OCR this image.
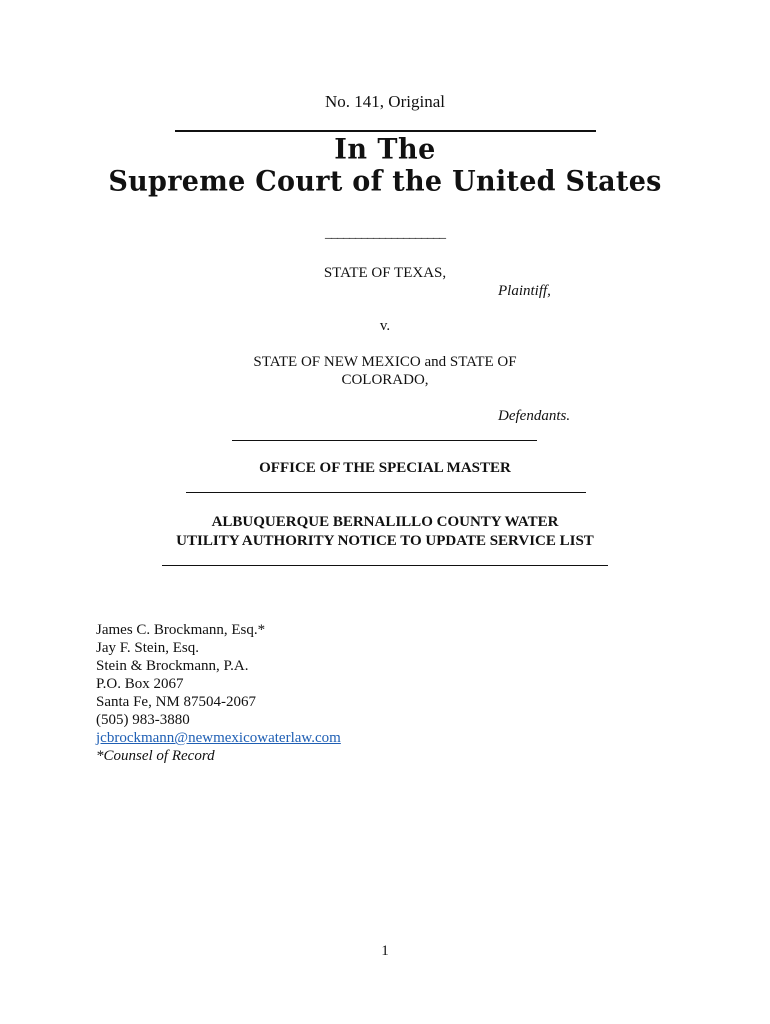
No. 141, Original
In The
Supreme Court of the United States
____________________
STATE OF TEXAS,
Plaintiff,
v.
STATE OF NEW MEXICO and STATE OF
COLORADO,
Defendants.
OFFICE OF THE SPECIAL MASTER
ALBUQUERQUE BERNALILLO COUNTY WATER
UTILITY AUTHORITY NOTICE TO UPDATE SERVICE LIST
James C. Brockmann, Esq.*
Jay F. Stein, Esq.
Stein & Brockmann, P.A.
P.O. Box 2067
Santa Fe, NM 87504-2067
(505) 983-3880
jcbrockmann@newmexicowaterlaw.com
*Counsel of Record
1
